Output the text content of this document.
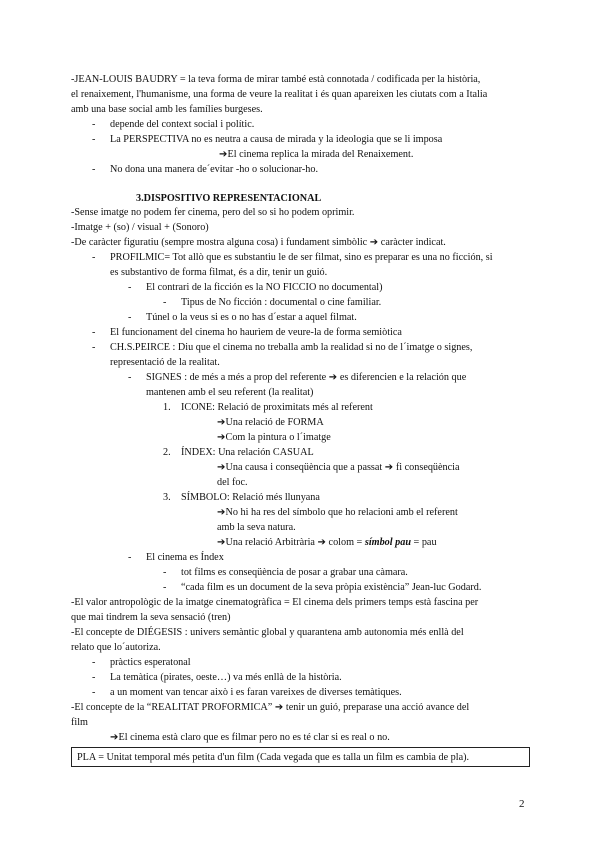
-JEAN-LOUIS BAUDRY = la teva forma de mirar també està connotada / codificada per la història,
el renaixement, l'humanisme, una forma de veure la realitat i és quan apareixen les ciutats com a Italia
amb una base social amb les famílies burgeses.
- depende del context social i polític.
- La PERSPECTIVA no es neutra a causa de mirada y la ideologia que se li imposa
➔El cinema replica la mirada del Renaixement.
- No dona una manera de´evitar -ho o solucionar-ho.
3.DISPOSITIVO REPRESENTACIONAL
-Sense imatge no podem fer cinema, pero del so si ho podem oprimir.
-Imatge + (so) / visual + (Sonoro)
-De caràcter figuratiu (sempre mostra alguna cosa) i fundament simbòlic ➔ caràcter indicat.
- PROFILMIC= Tot allò que es substantiu le de ser filmat, sino es preparar es una no ficción, si
es substantivo de forma filmat, és a dir, tenir un guió.
- El contrari de la ficción es la NO FICCIO no documental)
- Tipus de No ficción : documental o cine familiar.
- Túnel o la veus si es o no has d´estar a aquel filmat.
- El funcionament del cinema ho haurìem de veure-la de forma semiòtica
- CH.S.PEIRCE : Diu que el cinema no treballa amb la realidad si no de l´imatge o signes,
representació de la realitat.
- SIGNES : de més a més a prop del referente ➔ es diferencien e la relación que
mantenen amb el seu referent (la realitat)
1. ICONE: Relació de proximitats més al referent
➔Una relació de FORMA
➔Com la pintura o l´imatge
2. ÍNDEX: Una relación CASUAL
➔Una causa i conseqüència que a passat ➔ fi conseqüència
del foc.
3. SÍMBOLO: Relació més llunyana
➔No hi ha res del símbolo que ho relacioni amb el referent
amb la seva natura.
➔Una relació Arbitrària ➔ colom = símbol pau = pau
- El cinema es Índex
- tot films es conseqüència de posar a grabar una càmara.
- “cada film es un document de la seva pròpia existència” Jean-luc Godard.
-El valor antropològic de la imatge cinematogràfica = El cinema dels primers temps està fascina per
que mai tindrem la seva sensació (tren)
-El concepte de DIÉGESIS : univers semàntic global y quarantena amb autonomia més enllà del
relato que lo´autoriza.
- pràctics esperatonal
- La temàtica (pirates, oeste…) va més enllà de la història.
- a un moment van tencar això i es faran vareixes de diverses temàtiques.
-El concepte de la “REALITAT PROFORMICA” ➔ tenir un guió, preparase una acció avance del
film
➔El cinema està claro que es filmar pero no es té clar si es real o no.
PLA = Unitat temporal més petita d'un film (Cada vegada que es talla un film es cambia de pla).
2
